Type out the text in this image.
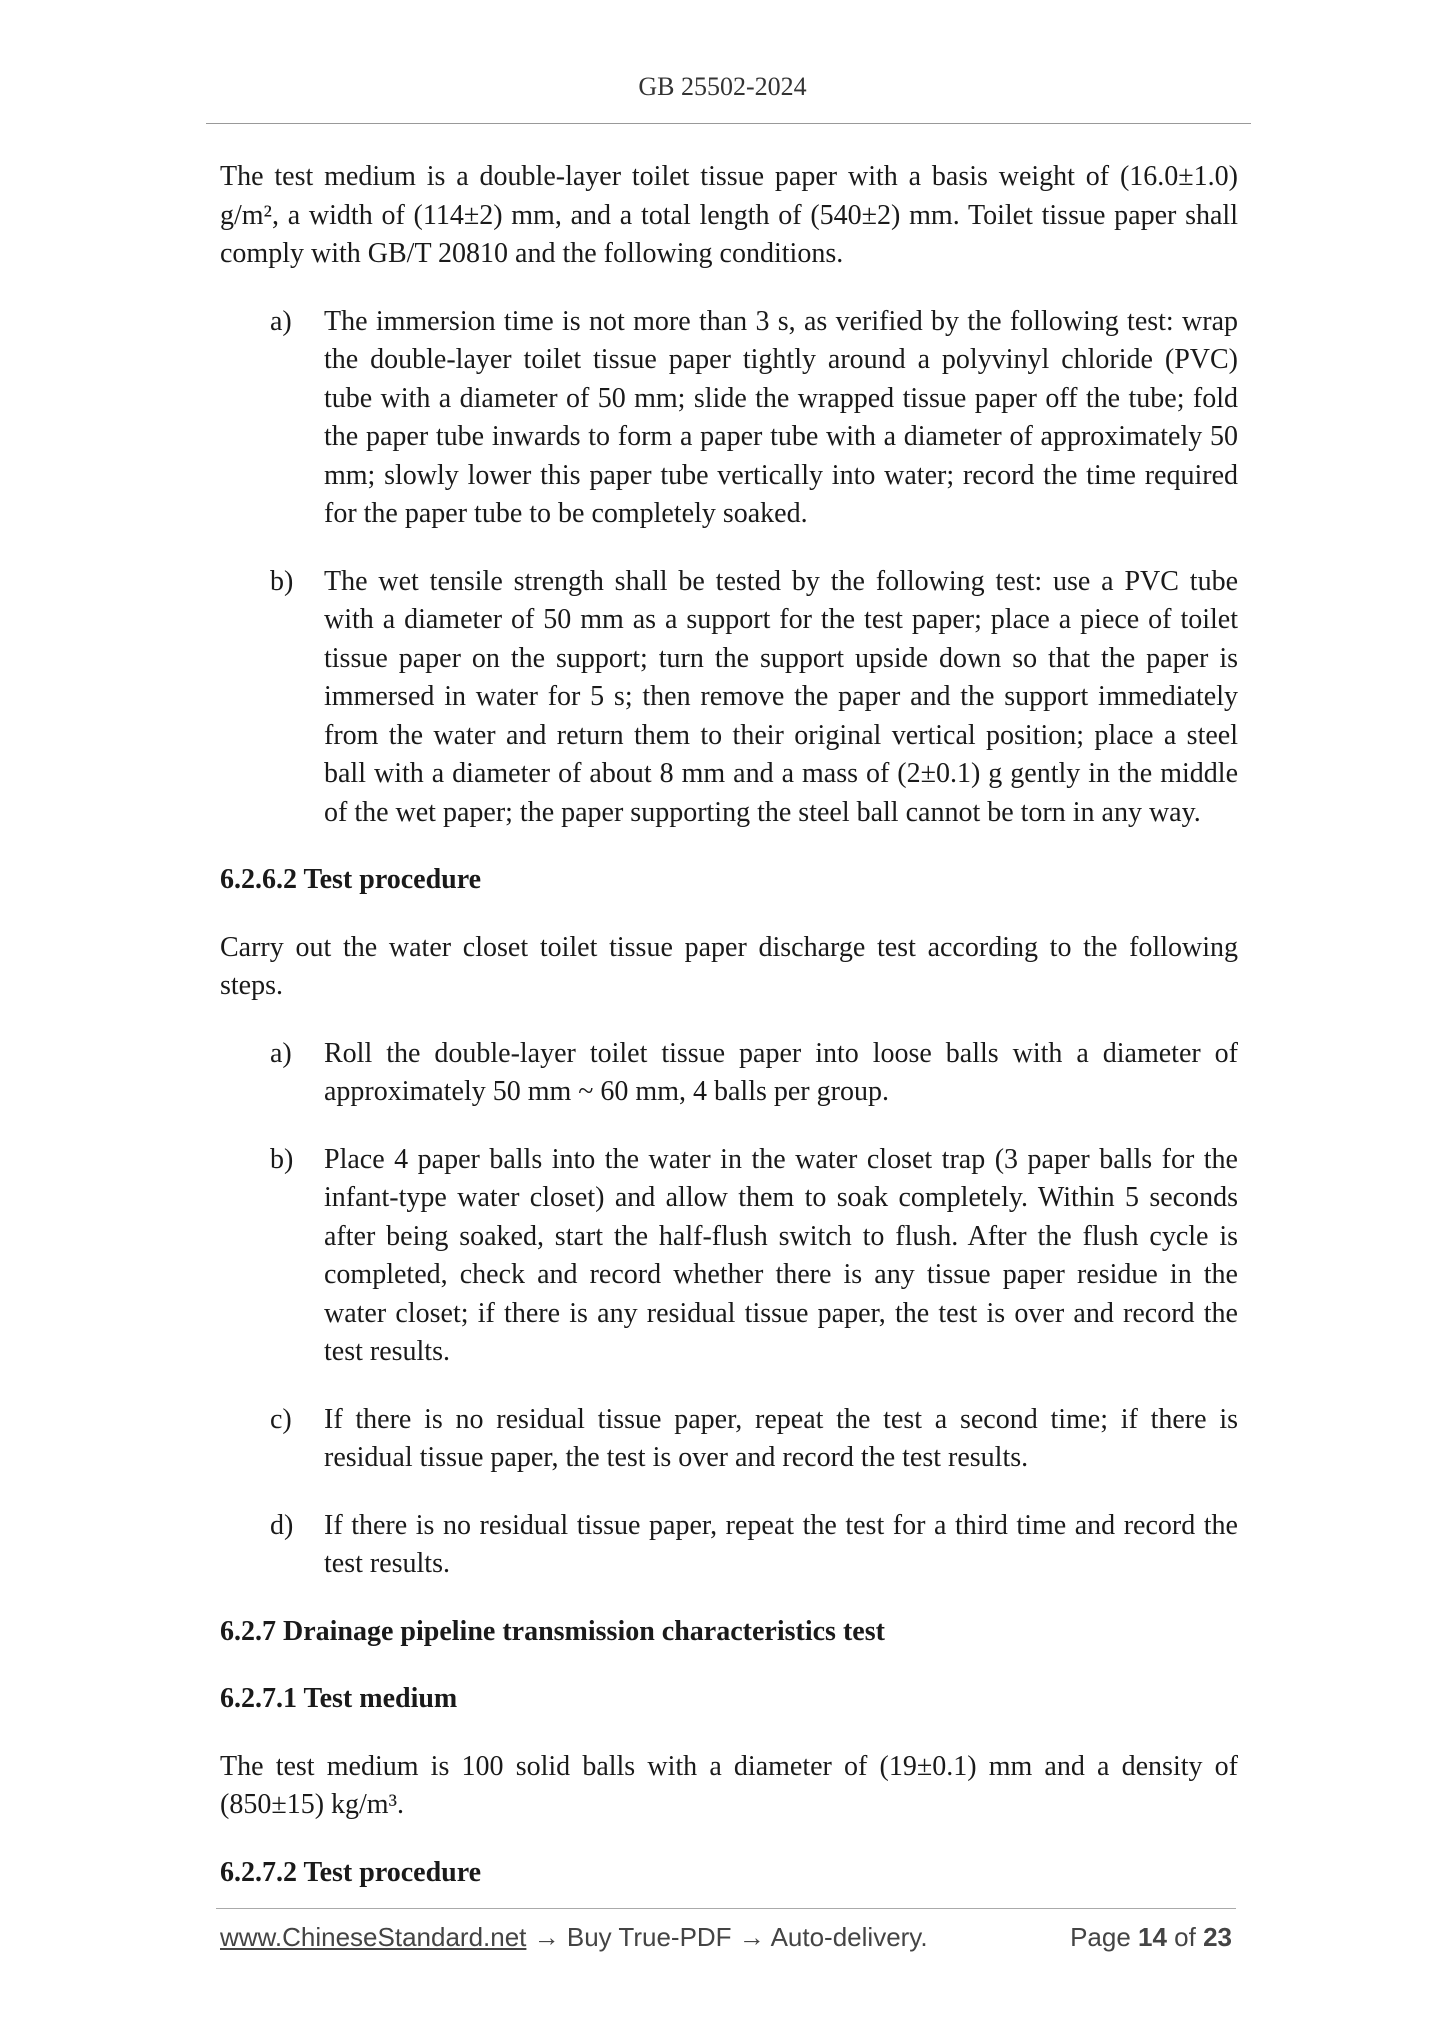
GB 25502-2024

The test medium is a double-layer toilet tissue paper with a basis weight of (16.0±1.0) g/m², a width of (114±2) mm, and a total length of (540±2) mm. Toilet tissue paper shall comply with GB/T 20810 and the following conditions.

a)	The immersion time is not more than 3 s, as verified by the following test: wrap the double-layer toilet tissue paper tightly around a polyvinyl chloride (PVC) tube with a diameter of 50 mm; slide the wrapped tissue paper off the tube; fold the paper tube inwards to form a paper tube with a diameter of approximately 50 mm; slowly lower this paper tube vertically into water; record the time required for the paper tube to be completely soaked.
b)	The wet tensile strength shall be tested by the following test: use a PVC tube with a diameter of 50 mm as a support for the test paper; place a piece of toilet tissue paper on the support; turn the support upside down so that the paper is immersed in water for 5 s; then remove the paper and the support immediately from the water and return them to their original vertical position; place a steel ball with a diameter of about 8 mm and a mass of (2±0.1) g gently in the middle of the wet paper; the paper supporting the steel ball cannot be torn in any way.

6.2.6.2 Test procedure

Carry out the water closet toilet tissue paper discharge test according to the following steps.

a)	Roll the double-layer toilet tissue paper into loose balls with a diameter of approximately 50 mm ~ 60 mm, 4 balls per group.
b)	Place 4 paper balls into the water in the water closet trap (3 paper balls for the infant-type water closet) and allow them to soak completely. Within 5 seconds after being soaked, start the half-flush switch to flush. After the flush cycle is completed, check and record whether there is any tissue paper residue in the water closet; if there is any residual tissue paper, the test is over and record the test results.
c)	If there is no residual tissue paper, repeat the test a second time; if there is residual tissue paper, the test is over and record the test results.
d)	If there is no residual tissue paper, repeat the test for a third time and record the test results.

6.2.7 Drainage pipeline transmission characteristics test

6.2.7.1 Test medium

The test medium is 100 solid balls with a diameter of (19±0.1) mm and a density of (850±15) kg/m³.

6.2.7.2 Test procedure

www.ChineseStandard.net → Buy True-PDF → Auto-delivery.	Page 14 of 23
